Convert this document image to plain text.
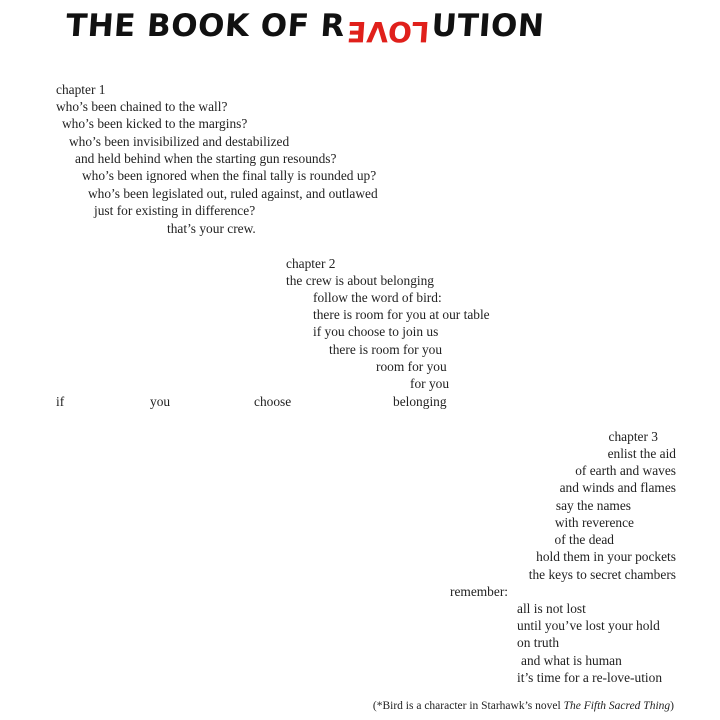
THE BOOK OF RLOVEUTION
chapter 1
who’s been chained to the wall?
who’s been kicked to the margins?
who’s been invisibilized and destabilized
and held behind when the starting gun resounds?
who’s been ignored when the final tally is rounded up?
who’s been legislated out, ruled against, and outlawed
just for existing in difference?
that’s your crew.
chapter 2
the crew is about belonging
follow the word of bird:
there is room for you at our table
if you choose to join us
there is room for you
room for you
for you
if	you	choose	belonging
chapter 3
enlist the aid
of earth and waves
and winds and flames
say the names
with reverence
of the dead
hold them in your pockets
the keys to secret chambers
remember:
all is not lost
until you’ve lost your hold
on truth
and what is human
it’s time for a re-love-ution
(*Bird is a character in Starhawk’s novel The Fifth Sacred Thing)
